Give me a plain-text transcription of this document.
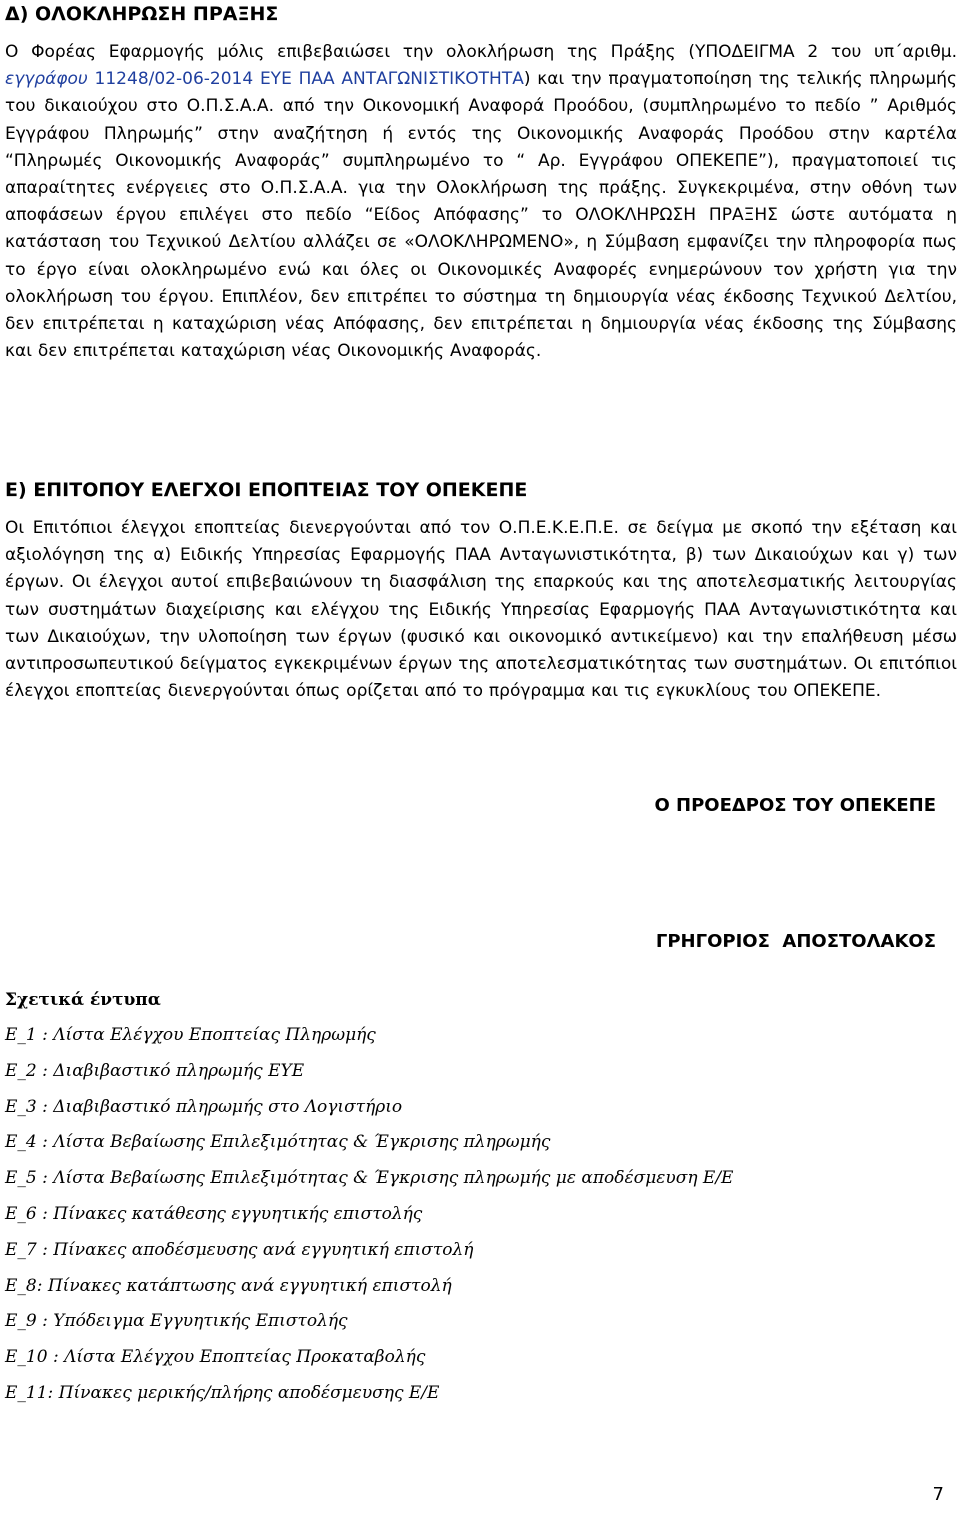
Δ) ΟΛΟΚΛΗΡΩΣΗ ΠΡΑΞΗΣ

Ο Φορέας Εφαρμογής μόλις επιβεβαιώσει την ολοκλήρωση της Πράξης (ΥΠΟΔΕΙΓΜΑ 2 του υπ΄αριθμ. εγγράφου 11248/02-06-2014 ΕΥΕ ΠΑΑ ΑΝΤΑΓΩΝΙΣΤΙΚΟΤΗΤΑ) και την πραγματοποίηση της τελικής πληρωμής του δικαιούχου στο Ο.Π.Σ.Α.Α. από την Οικονομική Αναφορά Προόδου, (συμπληρωμένο το πεδίο ” Αριθμός Εγγράφου Πληρωμής” στην αναζήτηση ή εντός της Οικονομικής Αναφοράς Προόδου στην καρτέλα “Πληρωμές Οικονομικής Αναφοράς” συμπληρωμένο το “ Αρ. Εγγράφου ΟΠΕΚΕΠΕ”), πραγματοποιεί τις απαραίτητες ενέργειες στο Ο.Π.Σ.Α.Α. για την Ολοκλήρωση της πράξης. Συγκεκριμένα, στην οθόνη των αποφάσεων έργου επιλέγει στο πεδίο “Είδος Απόφασης” το ΟΛΟΚΛΗΡΩΣΗ ΠΡΑΞΗΣ ώστε αυτόματα η κατάσταση του Τεχνικού Δελτίου αλλάζει σε «ΟΛΟΚΛΗΡΩΜΕΝΟ», η Σύμβαση εμφανίζει την πληροφορία πως το έργο είναι ολοκληρωμένο ενώ και όλες οι Οικονομικές Αναφορές ενημερώνουν τον χρήστη για την ολοκλήρωση του έργου. Επιπλέον, δεν επιτρέπει το σύστημα τη δημιουργία νέας έκδοσης Τεχνικού Δελτίου, δεν επιτρέπεται η καταχώριση νέας Απόφασης, δεν επιτρέπεται η δημιουργία νέας έκδοσης της Σύμβασης και δεν επιτρέπεται καταχώριση νέας Οικονομικής Αναφοράς.

Ε) ΕΠΙΤΟΠΟΥ ΕΛΕΓΧΟΙ ΕΠΟΠΤΕΙΑΣ ΤΟΥ ΟΠΕΚΕΠΕ

Οι Επιτόπιοι έλεγχοι εποπτείας διενεργούνται από τον Ο.Π.Ε.Κ.Ε.Π.Ε. σε δείγμα με σκοπό την εξέταση και αξιολόγηση της α) Ειδικής Υπηρεσίας Εφαρμογής ΠΑΑ Ανταγωνιστικότητα, β) των Δικαιούχων και γ) των έργων. Οι έλεγχοι αυτοί επιβεβαιώνουν τη διασφάλιση της επαρκούς και της αποτελεσματικής λειτουργίας των συστημάτων διαχείρισης και ελέγχου της Ειδικής Υπηρεσίας Εφαρμογής ΠΑΑ Ανταγωνιστικότητα και των Δικαιούχων, την υλοποίηση των έργων (φυσικό και οικονομικό αντικείμενο) και την επαλήθευση μέσω αντιπροσωπευτικού δείγματος εγκεκριμένων έργων της αποτελεσματικότητας των συστημάτων. Οι επιτόπιοι έλεγχοι εποπτείας διενεργούνται όπως ορίζεται από το πρόγραμμα και τις εγκυκλίους του ΟΠΕΚΕΠΕ.

Ο ΠΡΟΕΔΡΟΣ ΤΟΥ ΟΠΕΚΕΠΕ
ΓΡΗΓΟΡΙΟΣ  ΑΠΟΣΤΟΛΑΚΟΣ
Σχετικά έντυπα
Ε_1 : Λίστα Ελέγχου Εποπτείας Πληρωμής
Ε_2 : Διαβιβαστικό πληρωμής ΕΥΕ
Ε_3 : Διαβιβαστικό πληρωμής στο Λογιστήριο
Ε_4 : Λίστα Βεβαίωσης Επιλεξιμότητας & Έγκρισης πληρωμής
Ε_5 : Λίστα Βεβαίωσης Επιλεξιμότητας & Έγκρισης πληρωμής με αποδέσμευση Ε/Ε
Ε_6 : Πίνακες κατάθεσης εγγυητικής επιστολής
Ε_7 : Πίνακες αποδέσμευσης ανά εγγυητική επιστολή
Ε_8: Πίνακες κατάπτωσης ανά εγγυητική επιστολή
Ε_9 : Υπόδειγμα Εγγυητικής Επιστολής
Ε_10 : Λίστα Ελέγχου Εποπτείας Προκαταβολής
Ε_11: Πίνακες μερικής/πλήρης αποδέσμευσης Ε/Ε
7
